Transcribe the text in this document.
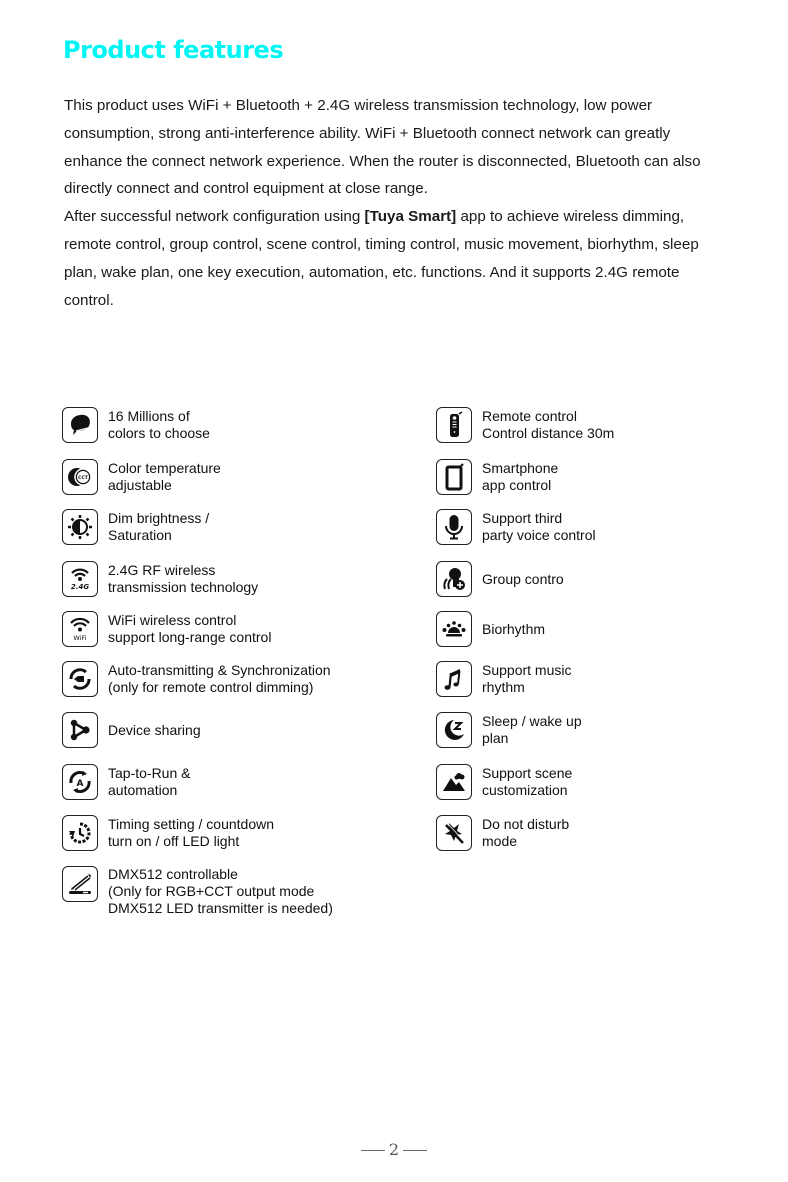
Product features

This product uses WiFi + Bluetooth + 2.4G wireless transmission technology, low power consumption, strong anti-interference ability. WiFi + Bluetooth connect network can greatly enhance the connect network experience. When the router is disconnected, Bluetooth can also directly connect and control equipment at close range.

After successful network configuration using [Tuya Smart] app to achieve wireless dimming, remote control, group control, scene control, timing control, music movement, biorhythm, sleep plan, wake plan, one key execution, automation, etc. functions. And it supports 2.4G remote control.

16 Millions of
colors to choose
CCT
Color temperature
adjustable
Dim brightness /
Saturation
2.4G
2.4G RF wireless
transmission technology
WiFi
WiFi wireless control
support long-range control
Auto-transmitting & Synchronization
(only for remote control dimming)
Device sharing
A
Tap-to-Run &
automation
Timing setting / countdown
turn on / off LED light
DMX512 controllable
(Only for RGB+CCT output mode
DMX512 LED transmitter is needed)
Remote control
Control distance 30m
Smartphone
app control
Support third
party voice control
Group contro
Biorhythm
Support music
rhythm
Sleep / wake up
plan
Support scene
customization
Do not disturb
mode
2
